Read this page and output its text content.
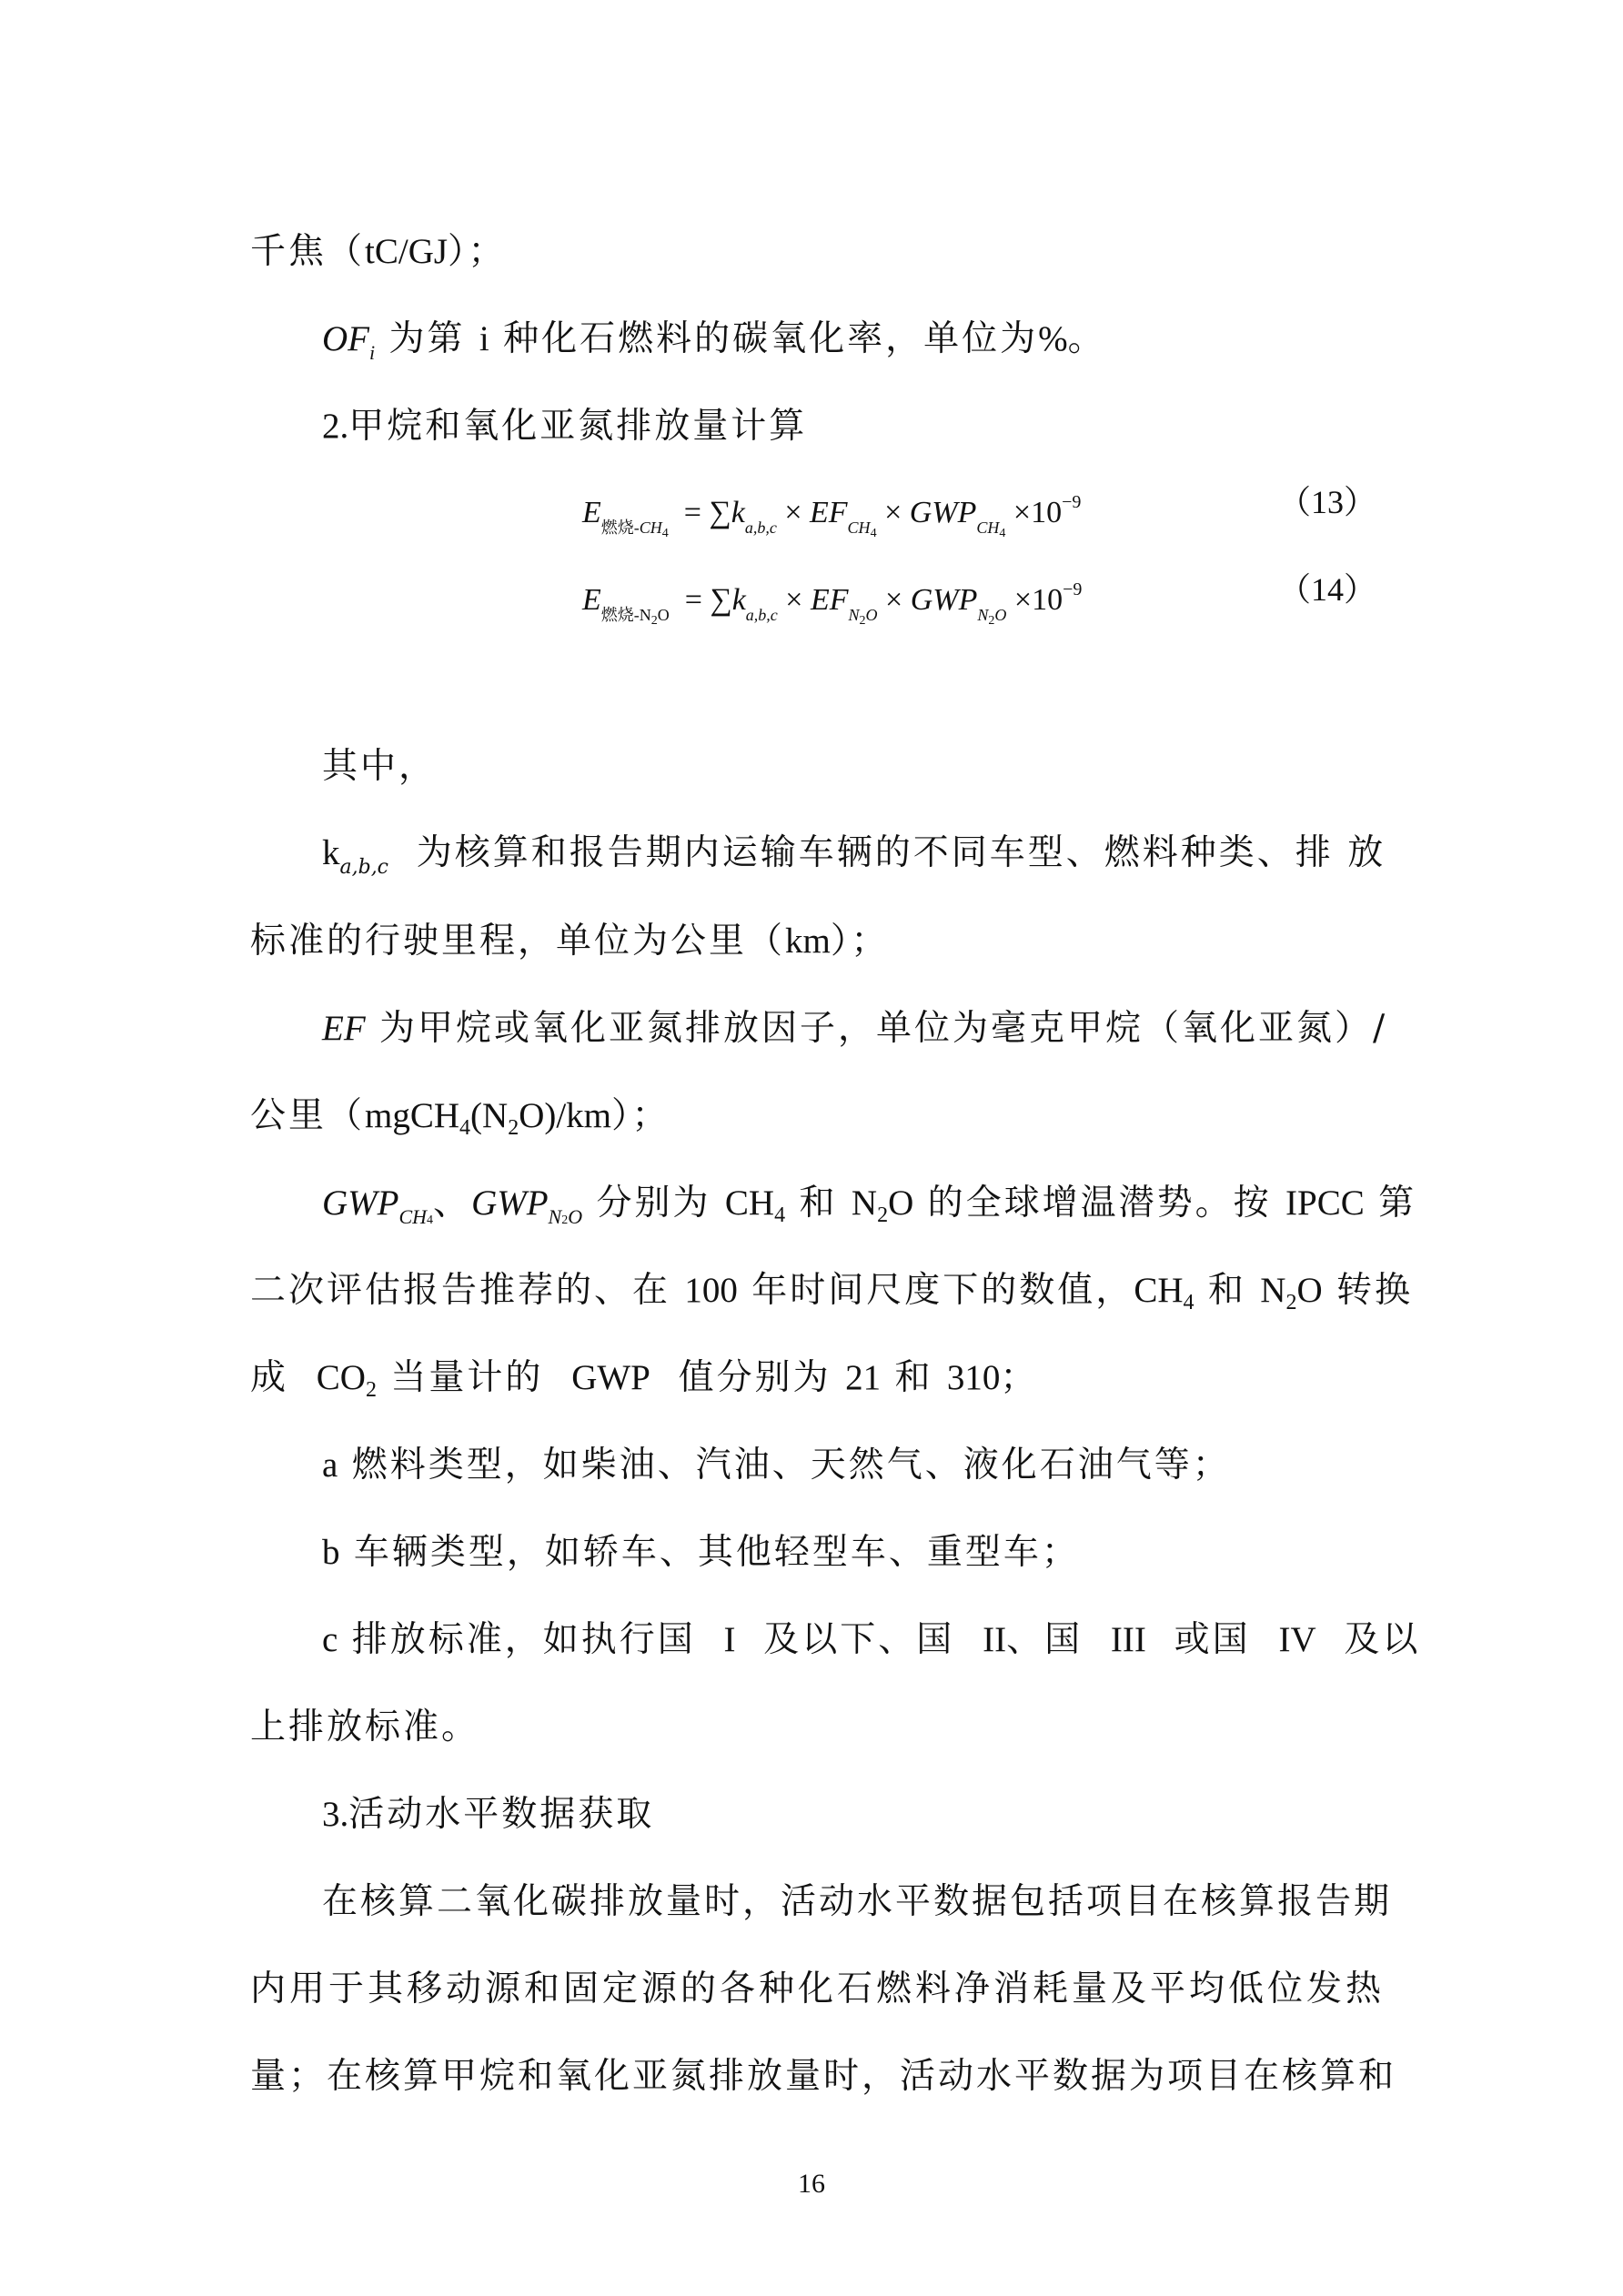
千焦（tC/GJ）；
$OF_i$ 为第 i 种化石燃料的碳氧化率，单位为%。
2.甲烷和氧化亚氮排放量计算
$E_{燃烧-CH4} = \sum k_{a,b,c} \times EF_{CH4} \times GWP_{CH4} \times 10^{-9}$	（13）
$E_{燃烧-N2O} = \sum k_{a,b,c} \times EF_{N2O} \times GWP_{N2O} \times 10^{-9}$	（14）
其中，
$k_{a,b,c}$  为核算和报告期内运输车辆的不同车型、燃料种类、排 放
标准的行驶里程，单位为公里（km）；
EF 为甲烷或氧化亚氮排放因子，单位为毫克甲烷（氧化亚氮）/
公里$(mgCH_4(N_2O)/km)$；
$GWP_{CH4}$、$GWP_{N2O}$ 分别为 $CH_4$ 和 $N_2O$ 的全球增温潜势。按 IPCC 第
二次评估报告推荐的、在 100 年时间尺度下的数值，$CH_4$ 和 $N_2O$ 转换
成  $CO_2$ 当量计的  GWP  值分别为 21 和 310；
a 燃料类型，如柴油、汽油、天然气、液化石油气等；
b 车辆类型，如轿车、其他轻型车、重型车；
c 排放标准，如执行国  I  及以下、国  II、国  III  或国  IV  及以
上排放标准。
3.活动水平数据获取
在核算二氧化碳排放量时，活动水平数据包括项目在核算报告期
内用于其移动源和固定源的各种化石燃料净消耗量及平均低位发热
量；在核算甲烷和氧化亚氮排放量时，活动水平数据为项目在核算和
16
